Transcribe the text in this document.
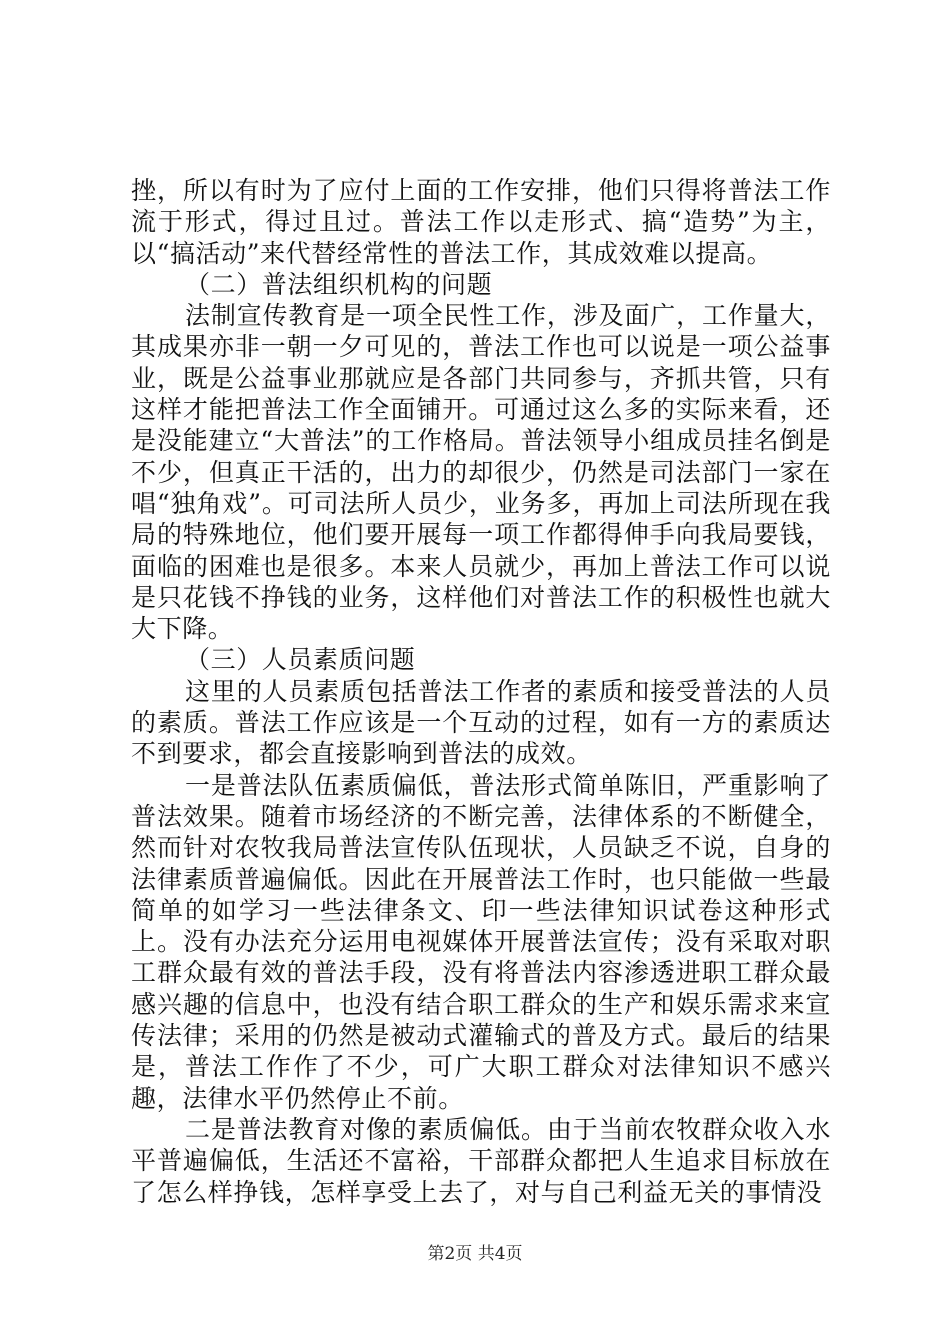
挫，所以有时为了应付上面的工作安排，他们只得将普法工作流于形式，得过且过。普法工作以走形式、搞“造势”为主，以“搞活动”来代替经常性的普法工作，其成效难以提高。

（二）普法组织机构的问题

法制宣传教育是一项全民性工作，涉及面广，工作量大，其成果亦非一朝一夕可见的，普法工作也可以说是一项公益事业，既是公益事业那就应是各部门共同参与，齐抓共管，只有这样才能把普法工作全面铺开。可通过这么多的实际来看，还是没能建立“大普法”的工作格局。普法领导小组成员挂名倒是不少，但真正干活的，出力的却很少，仍然是司法部门一家在唱“独角戏”。可司法所人员少，业务多，再加上司法所现在我局的特殊地位，他们要开展每一项工作都得伸手向我局要钱，面临的困难也是很多。本来人员就少，再加上普法工作可以说是只花钱不挣钱的业务，这样他们对普法工作的积极性也就大大下降。

（三）人员素质问题

这里的人员素质包括普法工作者的素质和接受普法的人员的素质。普法工作应该是一个互动的过程，如有一方的素质达不到要求，都会直接影响到普法的成效。

一是普法队伍素质偏低，普法形式简单陈旧，严重影响了普法效果。随着市场经济的不断完善，法律体系的不断健全，然而针对农牧我局普法宣传队伍现状，人员缺乏不说，自身的法律素质普遍偏低。因此在开展普法工作时，也只能做一些最简单的如学习一些法律条文、印一些法律知识试卷这种形式上。没有办法充分运用电视媒体开展普法宣传；没有采取对职工群众最有效的普法手段，没有将普法内容渗透进职工群众最感兴趣的信息中，也没有结合职工群众的生产和娱乐需求来宣传法律；采用的仍然是被动式灌输式的普及方式。最后的结果是，普法工作作了不少，可广大职工群众对法律知识不感兴趣，法律水平仍然停止不前。

二是普法教育对像的素质偏低。由于当前农牧群众收入水平普遍偏低，生活还不富裕，干部群众都把人生追求目标放在了怎么样挣钱，怎样享受上去了，对与自己利益无关的事情没

第2页 共4页
